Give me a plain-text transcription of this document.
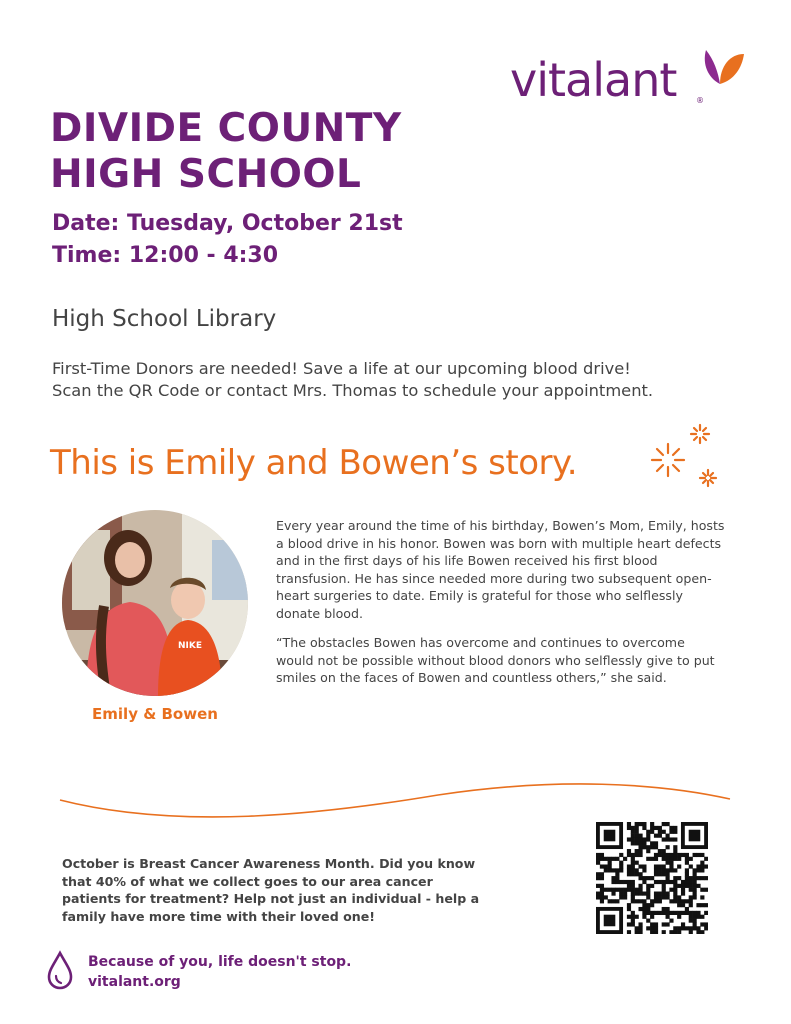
vitalant ®
DIVIDE COUNTY
HIGH SCHOOL
Date: Tuesday, October 21st
Time: 12:00 - 4:30
High School Library
First-Time Donors are needed! Save a life at our upcoming blood drive! Scan the QR Code or contact Mrs. Thomas to schedule your appointment.
This is Emily and Bowen’s story.
NIKE
Emily & Bowen

Every year around the time of his birthday, Bowen’s Mom, Emily, hosts a blood drive in his honor. Bowen was born with multiple heart defects and in the first days of his life Bowen received his first blood transfusion. He has since needed more during two subsequent open-heart surgeries to date. Emily is grateful for those who selflessly donate blood.

“The obstacles Bowen has overcome and continues to overcome would not be possible without blood donors who selflessly give to put smiles on the faces of Bowen and countless others,” she said.

October is Breast Cancer Awareness Month. Did you know that 40% of what we collect goes to our area cancer patients for treatment? Help not just an individual - help a family have more time with their loved one!
Because of you, life doesn't stop.
vitalant.org
